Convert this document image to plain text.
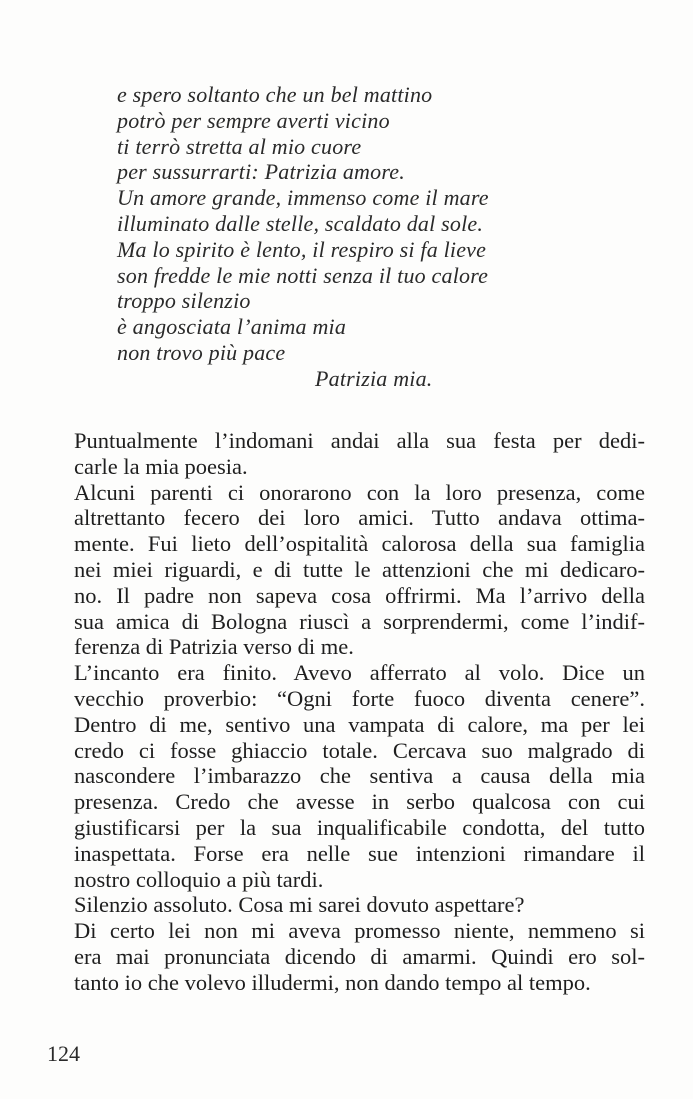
e spero soltanto che un bel mattino
potrò per sempre averti vicino
ti terrò stretta al mio cuore
per sussurrarti: Patrizia amore.
Un amore grande, immenso come il mare
illuminato dalle stelle, scaldato dal sole.
Ma lo spirito è lento, il respiro si fa lieve
son fredde le mie notti senza il tuo calore
troppo silenzio
è angosciata l’anima mia
non trovo più pace
Patrizia mia.

Puntualmente l’indomani andai alla sua festa per dedi-
carle la mia poesia.

Alcuni parenti ci onorarono con la loro presenza, come
altrettanto fecero dei loro amici. Tutto andava ottima-
mente. Fui lieto dell’ospitalità calorosa della sua famiglia
nei miei riguardi, e di tutte le attenzioni che mi dedicaro-
no. Il padre non sapeva cosa offrirmi. Ma l’arrivo della
sua amica di Bologna riuscì a sorprendermi, come l’indif-
ferenza di Patrizia verso di me.

L’incanto era finito. Avevo afferrato al volo. Dice un
vecchio proverbio: “Ogni forte fuoco diventa cenere”.
Dentro di me, sentivo una vampata di calore, ma per lei
credo ci fosse ghiaccio totale. Cercava suo malgrado di
nascondere l’imbarazzo che sentiva a causa della mia
presenza. Credo che avesse in serbo qualcosa con cui
giustificarsi per la sua inqualificabile condotta, del tutto
inaspettata. Forse era nelle sue intenzioni rimandare il
nostro colloquio a più tardi.

Silenzio assoluto. Cosa mi sarei dovuto aspettare?

Di certo lei non mi aveva promesso niente, nemmeno si
era mai pronunciata dicendo di amarmi. Quindi ero sol-
tanto io che volevo illudermi, non dando tempo al tempo.

124
